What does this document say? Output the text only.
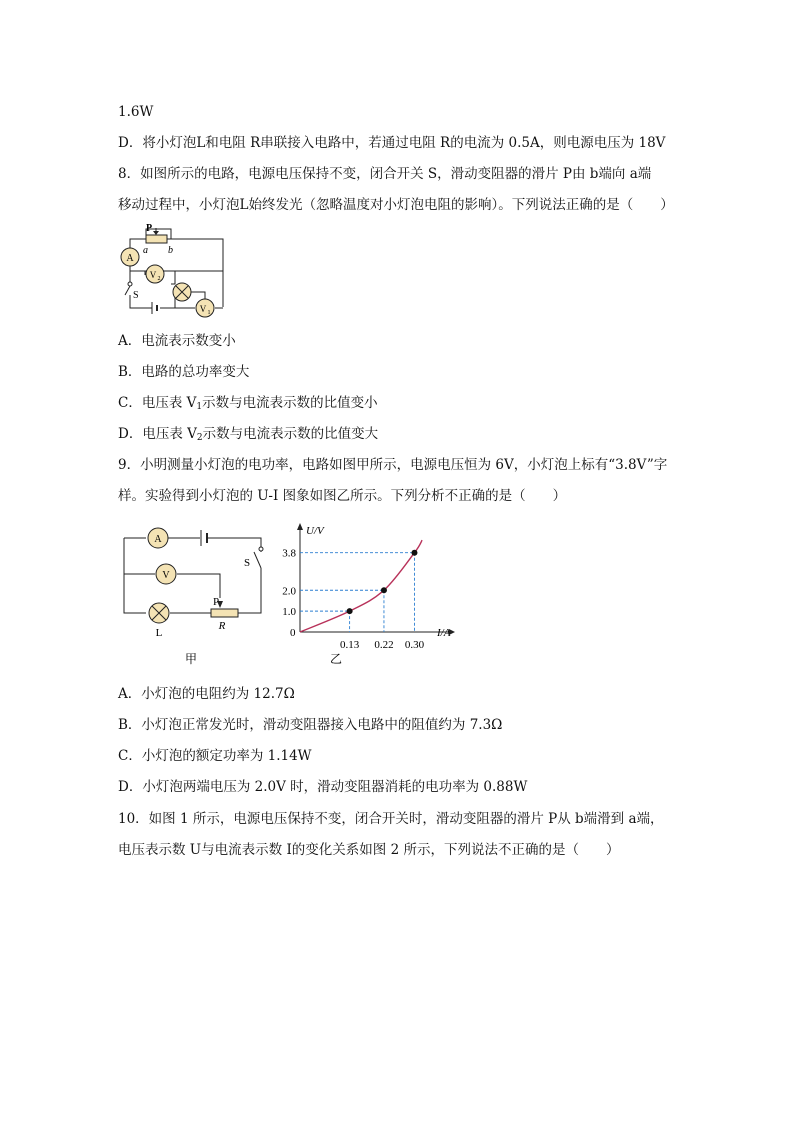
1.6W
D．将小灯泡L和电阻 R串联接入电路中，若通过电阻 R的电流为 0.5A，则电源电压为 18V
8．如图所示的电路，电源电压保持不变，闭合开关 S，滑动变阻器的滑片 P由 b端向 a端
移动过程中，小灯泡L始终发光（忽略温度对小灯泡电阻的影响）。下列说法正确的是（　　）
P
a b
A
V 2
V 1
S
A．电流表示数变小
B．电路的总功率变大
C．电压表 $V_1$示数与电流表示数的比值变小
D．电压表 $V_2$示数与电流表示数的比值变大
9．小明测量小灯泡的电功率，电路如图甲所示，电源电压恒为 6V，小灯泡上标有“3.8V”字
样。实验得到小灯泡的 U-I 图象如图乙所示。下列分析不正确的是（　　）
A
V
L
P
R
S
甲
U/V
I/A
0
0.13
1.0
0.22
2.0
0.30
3.8
乙
A．小灯泡的电阻约为 12.7Ω
B．小灯泡正常发光时，滑动变阻器接入电路中的阻值约为 7.3Ω
C．小灯泡的额定功率为 1.14W
D．小灯泡两端电压为 2.0V 时，滑动变阻器消耗的电功率为 0.88W
10．如图 1 所示，电源电压保持不变，闭合开关时，滑动变阻器的滑片 P从 b端滑到 a端，
电压表示数 U与电流表示数 I的变化关系如图 2 所示，下列说法不正确的是（　　）
